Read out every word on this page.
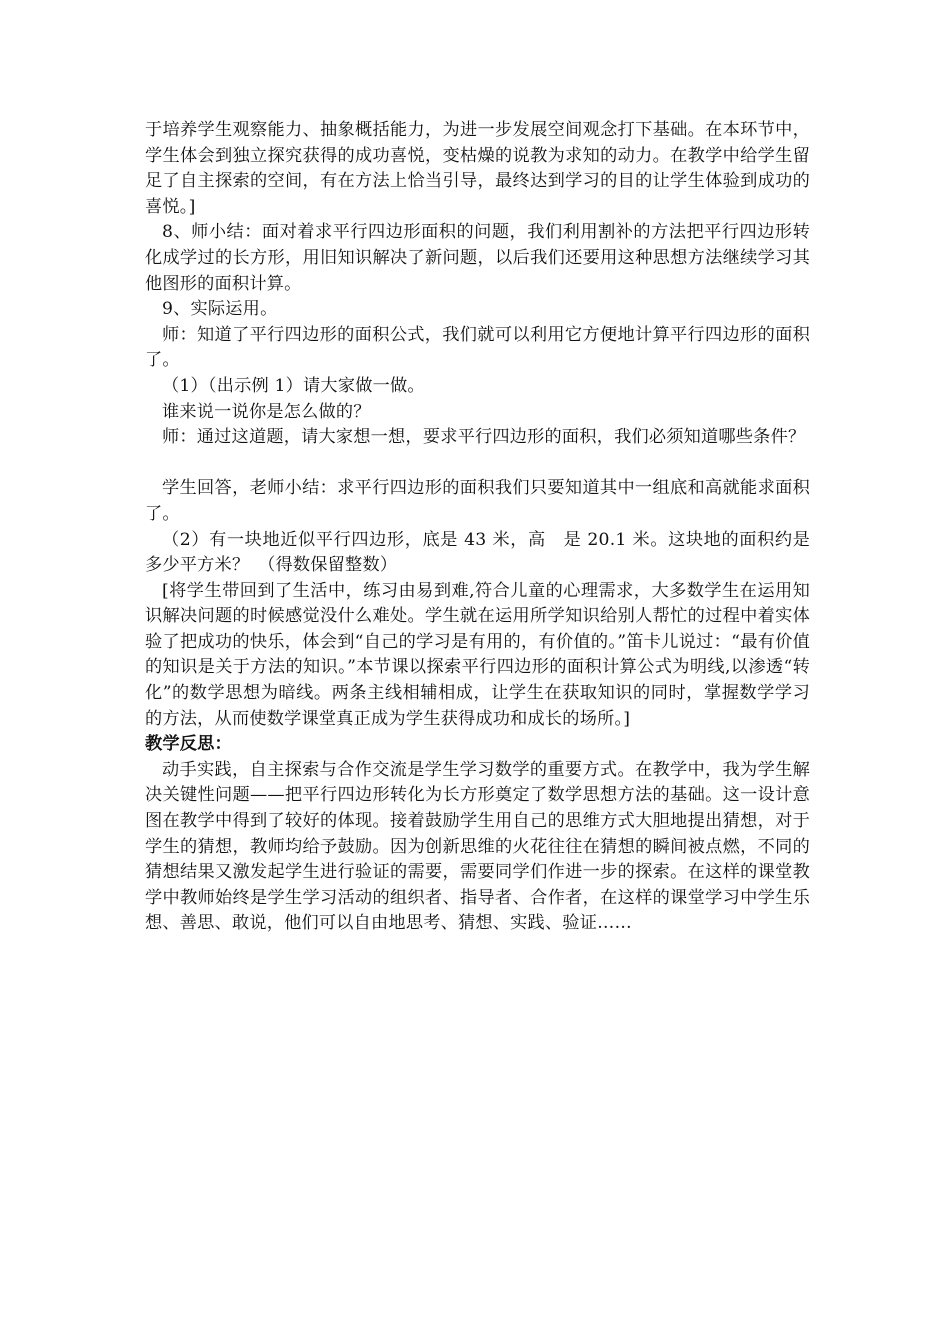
于培养学生观察能力、抽象概括能力，为进一步发展空间观念打下基础。在本环节中，学生体会到独立探究获得的成功喜悦，变枯燥的说教为求知的动力。在教学中给学生留足了自主探索的空间，有在方法上恰当引导，最终达到学习的目的让学生体验到成功的喜悦。]

8、师小结：面对着求平行四边形面积的问题，我们利用割补的方法把平行四边形转化成学过的长方形，用旧知识解决了新问题，以后我们还要用这种思想方法继续学习其他图形的面积计算。

9、实际运用。

师：知道了平行四边形的面积公式，我们就可以利用它方便地计算平行四边形的面积了。

（1）（出示例 1）请大家做一做。

谁来说一说你是怎么做的？

师：通过这道题，请大家想一想，要求平行四边形的面积，我们必须知道哪些条件？

学生回答，老师小结：求平行四边形的面积我们只要知道其中一组底和高就能求面积了。

（2）有一块地近似平行四边形，底是 43 米，高　是 20.1 米。这块地的面积约是多少平方米？　（得数保留整数）

[将学生带回到了生活中，练习由易到难,符合儿童的心理需求，大多数学生在运用知识解决问题的时候感觉没什么难处。学生就在运用所学知识给别人帮忙的过程中着实体验了把成功的快乐，体会到“自己的学习是有用的，有价值的。”笛卡儿说过：“最有价值的知识是关于方法的知识。”本节课以探索平行四边形的面积计算公式为明线,以渗透“转化”的数学思想为暗线。两条主线相辅相成，让学生在获取知识的同时，掌握数学学习的方法，从而使数学课堂真正成为学生获得成功和成长的场所。]

教学反思：

动手实践，自主探索与合作交流是学生学习数学的重要方式。在教学中，我为学生解决关键性问题——把平行四边形转化为长方形奠定了数学思想方法的基础。这一设计意图在教学中得到了较好的体现。接着鼓励学生用自己的思维方式大胆地提出猜想，对于学生的猜想，教师均给予鼓励。因为创新思维的火花往往在猜想的瞬间被点燃，不同的猜想结果又激发起学生进行验证的需要，需要同学们作进一步的探索。在这样的课堂教学中教师始终是学生学习活动的组织者、指导者、合作者，在这样的课堂学习中学生乐想、善思、敢说，他们可以自由地思考、猜想、实践、验证……
